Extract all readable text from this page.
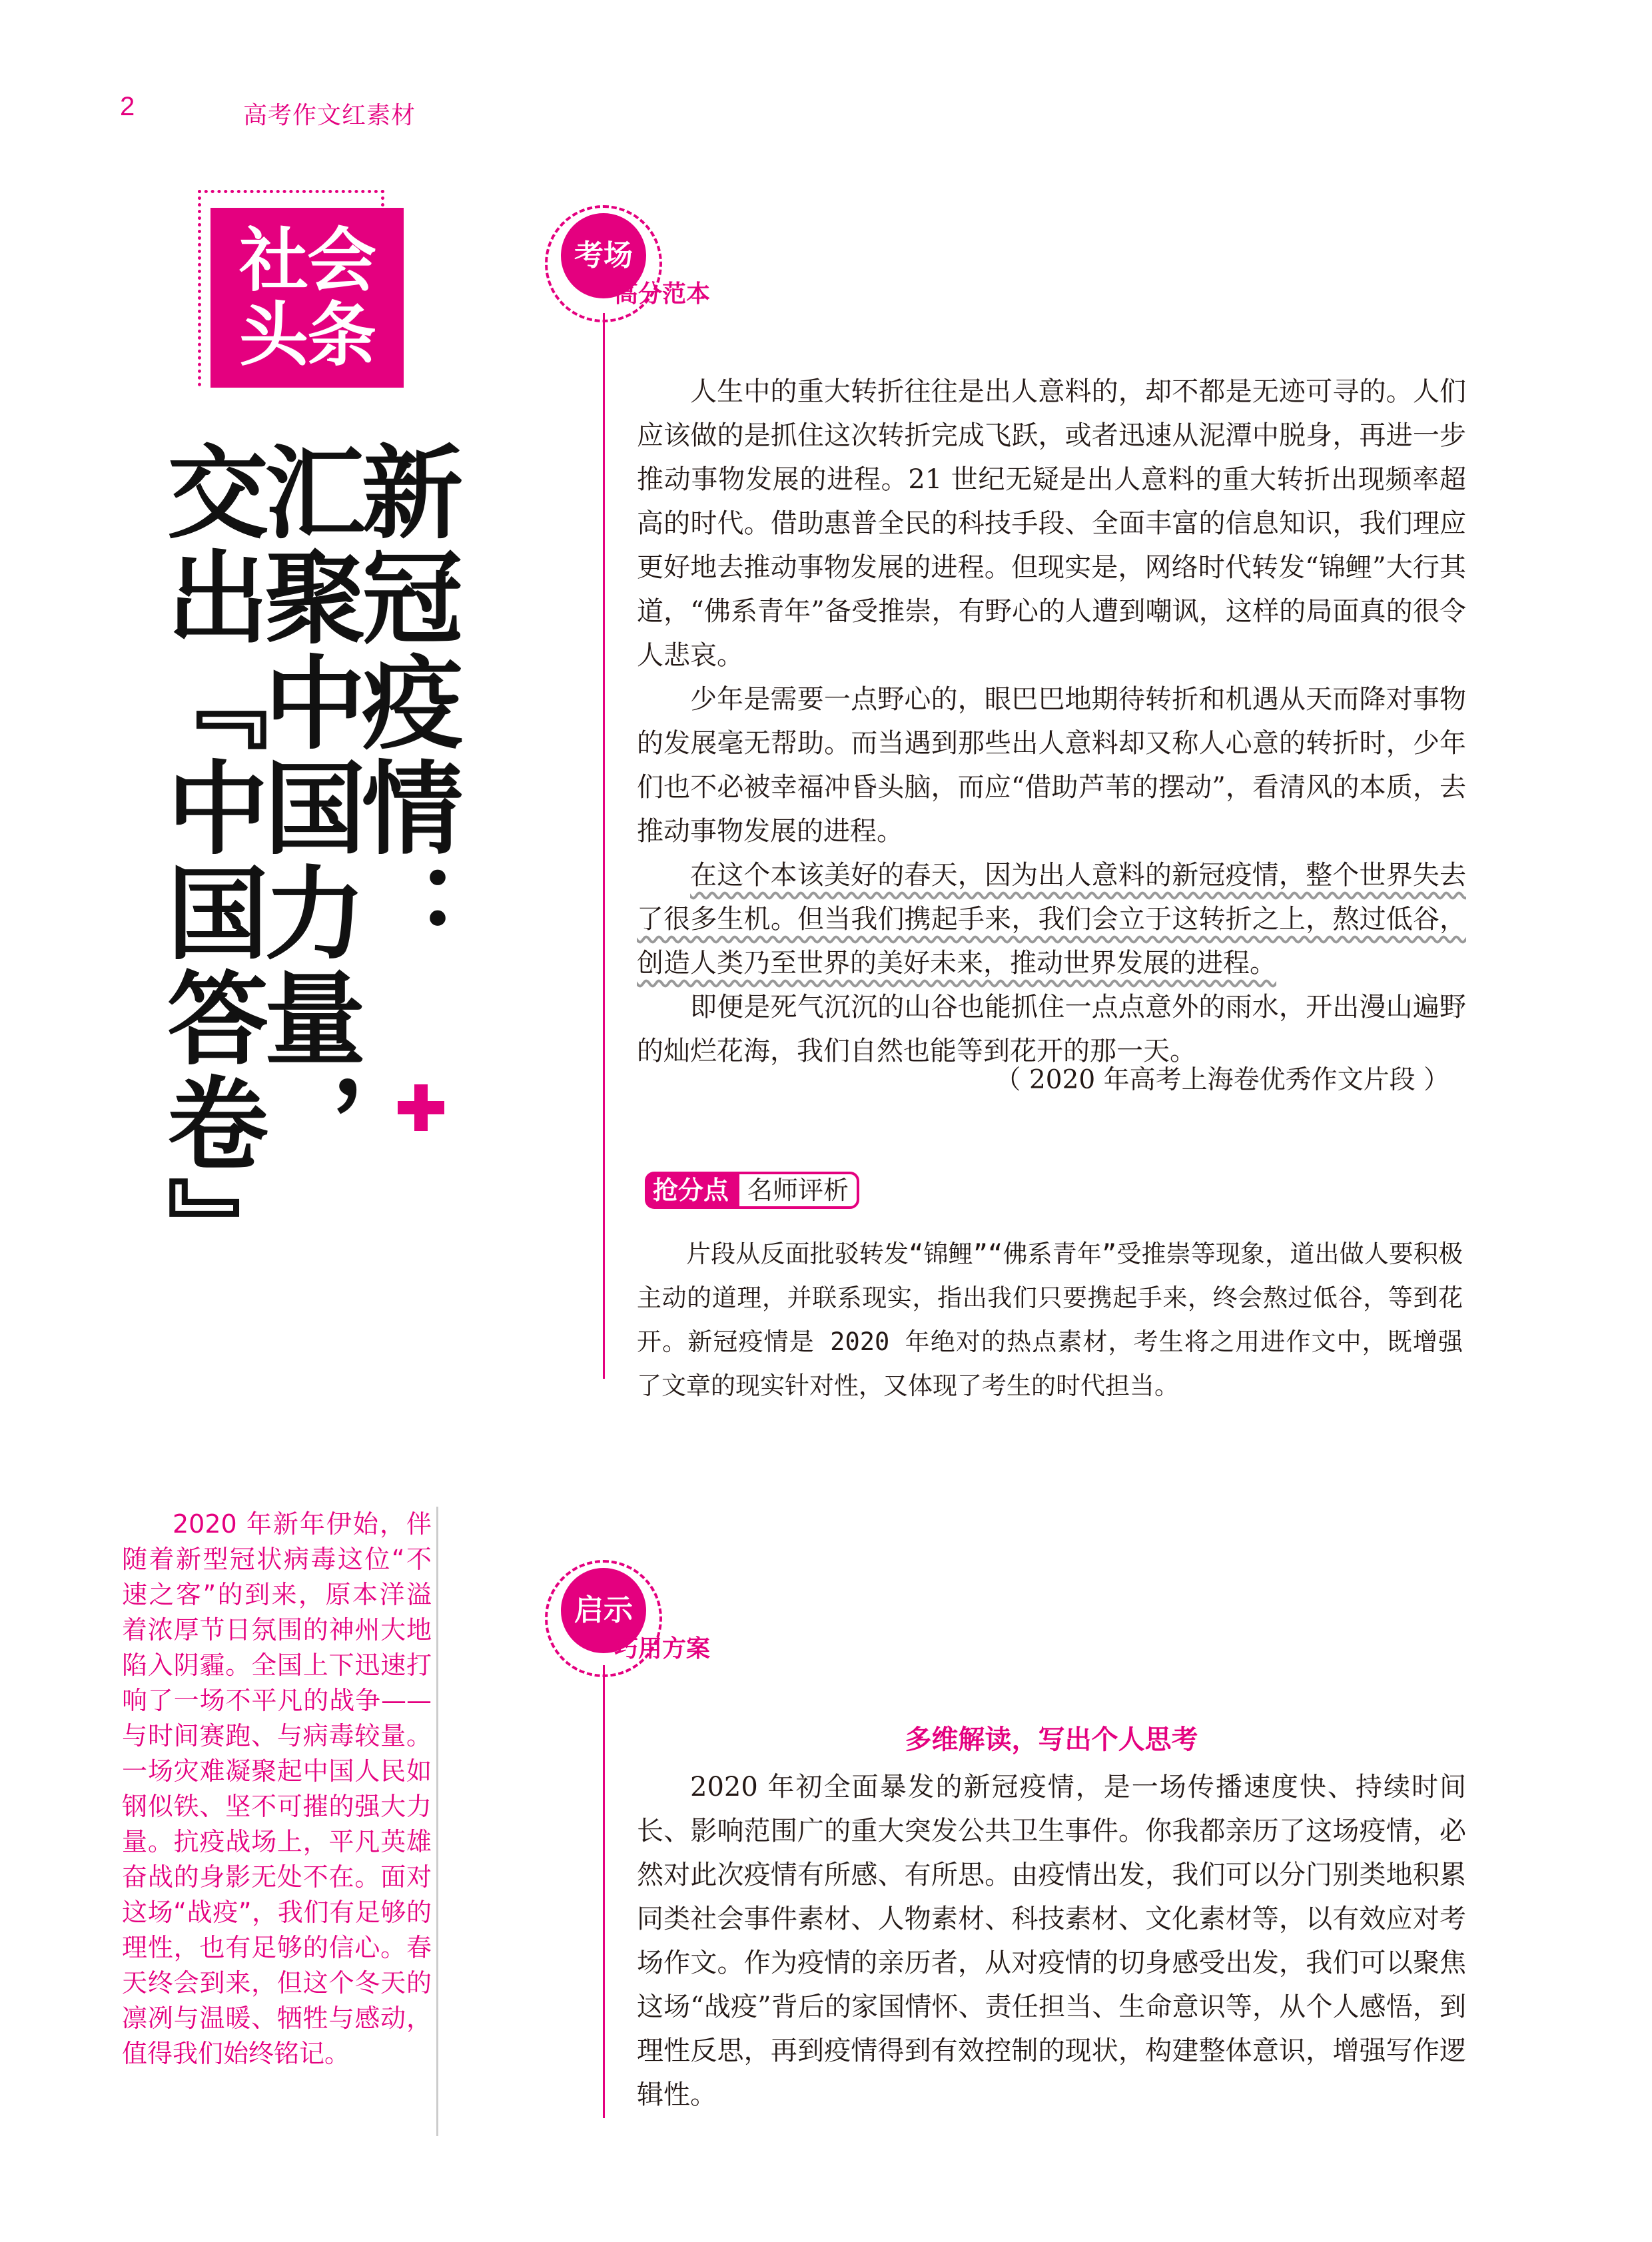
2	高考作文红素材
社会
头条
新冠疫情：
汇聚中国力量，
交出『中国答卷』
考场
高分范本

人生中的重大转折往往是出人意料的，却不都是无迹可寻的。人们应该做的是抓住这次转折完成飞跃，或者迅速从泥潭中脱身，再进一步推动事物发展的进程。21 世纪无疑是出人意料的重大转折出现频率超高的时代。借助惠普全民的科技手段、全面丰富的信息知识，我们理应更好地去推动事物发展的进程。但现实是，网络时代转发“锦鲤”大行其道，“佛系青年”备受推崇，有野心的人遭到嘲讽，这样的局面真的很令人悲哀。

少年是需要一点野心的，眼巴巴地期待转折和机遇从天而降对事物的发展毫无帮助。而当遇到那些出人意料却又称人心意的转折时，少年们也不必被幸福冲昏头脑，而应“借助芦苇的摆动”，看清风的本质，去推动事物发展的进程。

在这个本该美好的春天，因为出人意料的新冠疫情，整个世界失去了很多生机。但当我们携起手来，我们会立于这转折之上，熬过低谷，创造人类乃至世界的美好未来，推动世界发展的进程。

即便是死气沉沉的山谷也能抓住一点点意外的雨水，开出漫山遍野的灿烂花海，我们自然也能等到花开的那一天。

（ 2020 年高考上海卷优秀作文片段 ）
抢分点 名师评析
片段从反面批驳转发“锦鲤”“佛系青年”受推崇等现象，道出做人要积极主动的道理，并联系现实，指出我们只要携起手来，终会熬过低谷，等到花开。新冠疫情是 2020 年绝对的热点素材，考生将之用进作文中，既增强了文章的现实针对性，又体现了考生的时代担当。
2020 年新年伊始，伴随着新型冠状病毒这位“不速之客”的到来，原本洋溢着浓厚节日氛围的神州大地陷入阴霾。全国上下迅速打响了一场不平凡的战争——与时间赛跑、与病毒较量。一场灾难凝聚起中国人民如钢似铁、坚不可摧的强大力量。抗疫战场上，平凡英雄奋战的身影无处不在。面对这场“战疫”，我们有足够的理性，也有足够的信心。春天终会到来，但这个冬天的凛冽与温暖、牺牲与感动，值得我们始终铭记。
启示
巧用方案
多维解读，写出个人思考
2020 年初全面暴发的新冠疫情，是一场传播速度快、持续时间长、影响范围广的重大突发公共卫生事件。你我都亲历了这场疫情，必然对此次疫情有所感、有所思。由疫情出发，我们可以分门别类地积累同类社会事件素材、人物素材、科技素材、文化素材等，以有效应对考场作文。作为疫情的亲历者，从对疫情的切身感受出发，我们可以聚焦这场“战疫”背后的家国情怀、责任担当、生命意识等，从个人感悟，到理性反思，再到疫情得到有效控制的现状，构建整体意识，增强写作逻辑性。
